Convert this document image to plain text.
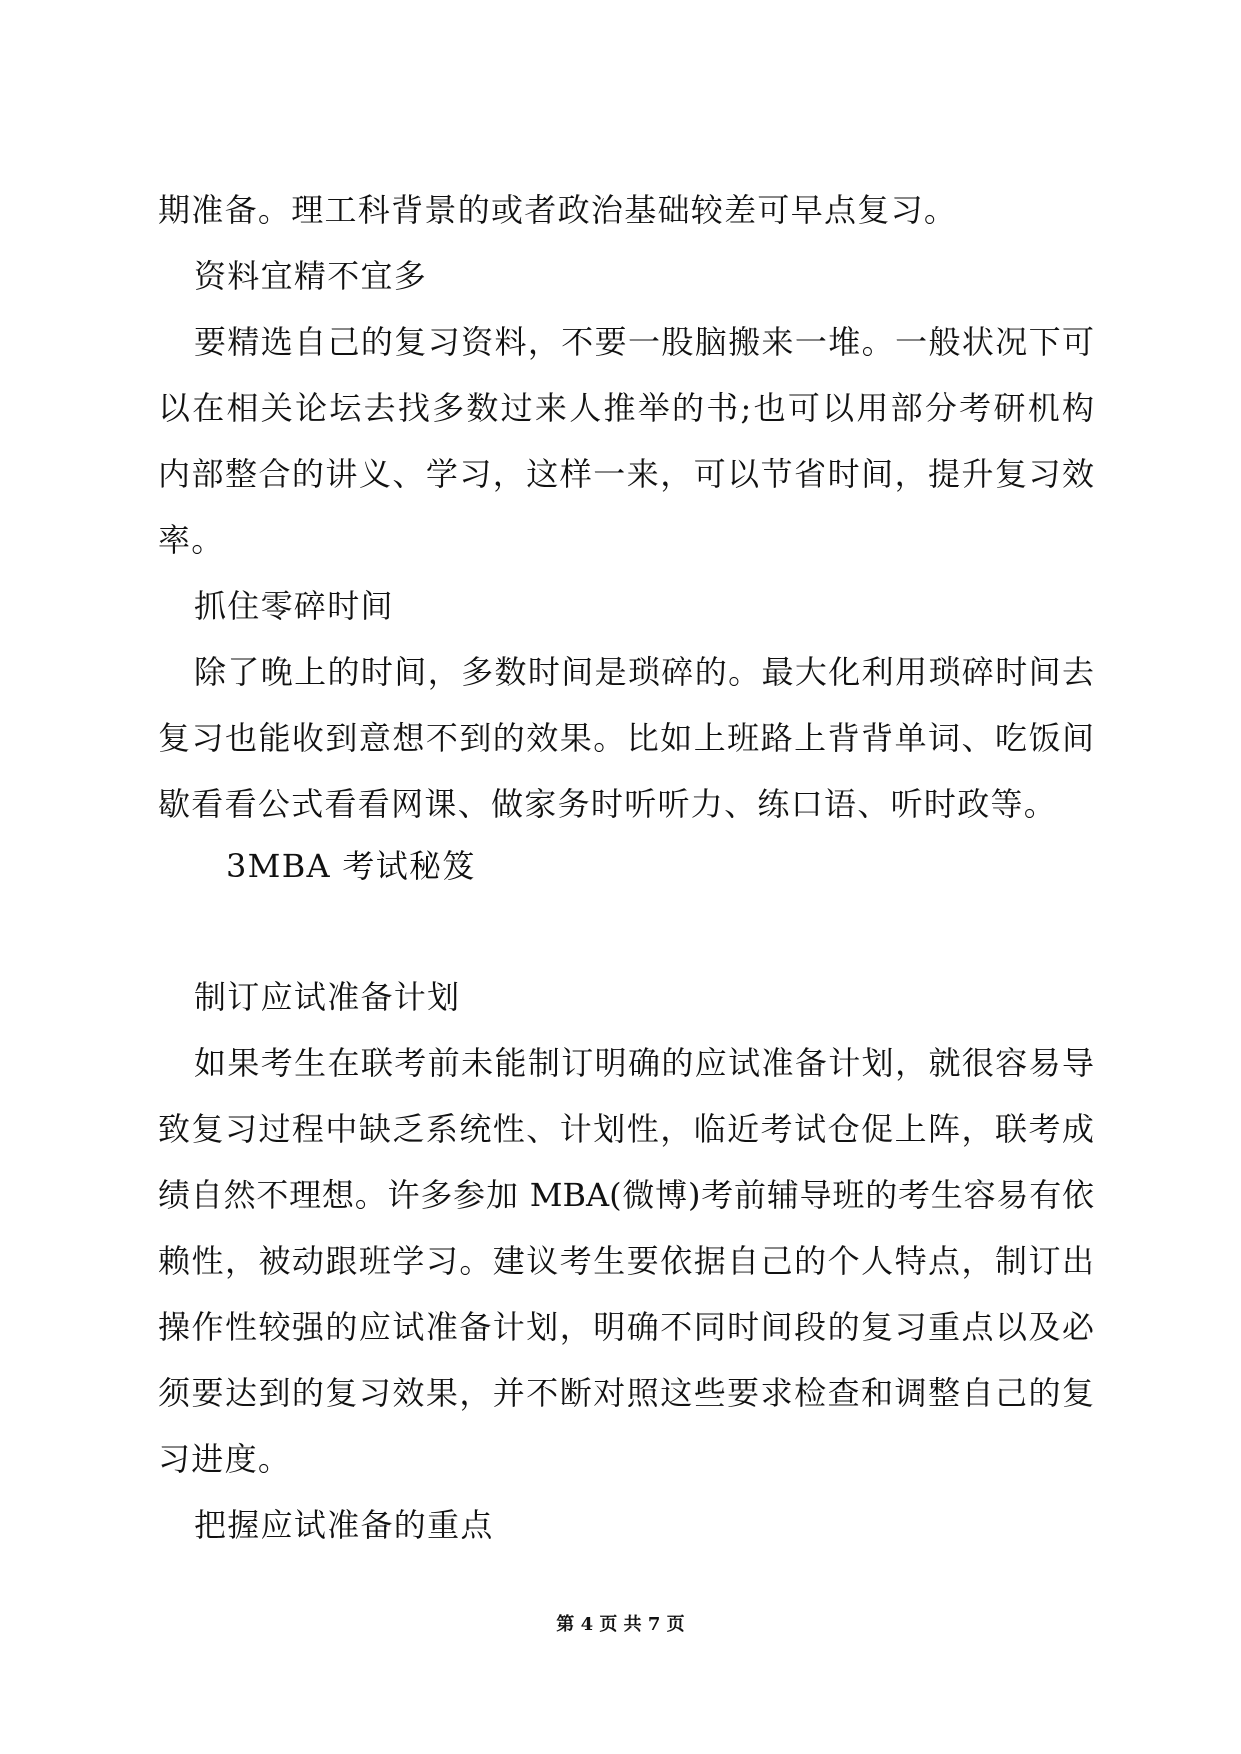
期准备。理工科背景的或者政治基础较差可早点复习。
资料宜精不宜多
要精选自己的复习资料，不要一股脑搬来一堆。一般状况下可
以在相关论坛去找多数过来人推举的书;也可以用部分考研机构
内部整合的讲义、学习，这样一来，可以节省时间，提升复习效
率。
抓住零碎时间
除了晚上的时间，多数时间是琐碎的。最大化利用琐碎时间去
复习也能收到意想不到的效果。比如上班路上背背单词、吃饭间
歇看看公式看看网课、做家务时听听力、练口语、听时政等。
3MBA 考试秘笈
制订应试准备计划
如果考生在联考前未能制订明确的应试准备计划，就很容易导
致复习过程中缺乏系统性、计划性，临近考试仓促上阵，联考成
绩自然不理想。许多参加 MBA(微博)考前辅导班的考生容易有依
赖性，被动跟班学习。建议考生要依据自己的个人特点，制订出
操作性较强的应试准备计划，明确不同时间段的复习重点以及必
须要达到的复习效果，并不断对照这些要求检查和调整自己的复
习进度。
把握应试准备的重点
第 4 页 共 7 页
